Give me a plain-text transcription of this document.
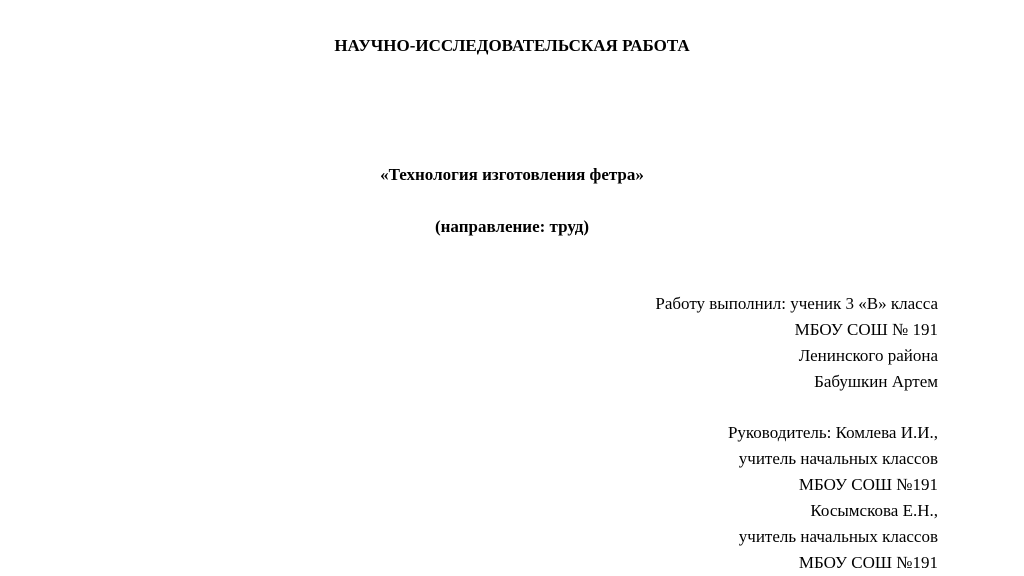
НАУЧНО-ИССЛЕДОВАТЕЛЬСКАЯ РАБОТА
«Технология изготовления фетра»
(направление: труд)
Работу выполнил: ученик 3 «В» класса
МБОУ СОШ № 191
Ленинского района
Бабушкин Артем
Руководитель: Комлева И.И.,
учитель начальных классов
МБОУ СОШ №191
Косымскова Е.Н.,
учитель начальных классов
МБОУ СОШ №191
